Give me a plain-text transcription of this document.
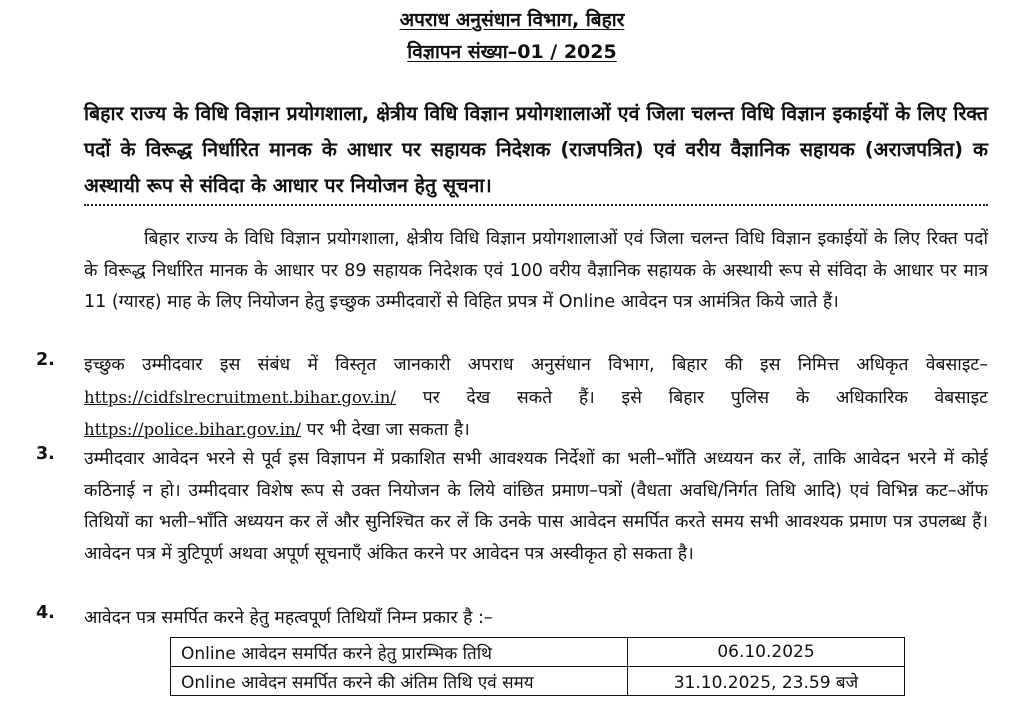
अपराध अनुसंधान विभाग, बिहार
विज्ञापन संख्या–01 / 2025
बिहार राज्य के विधि विज्ञान प्रयोगशाला, क्षेत्रीय विधि विज्ञान प्रयोगशालाओं एवं जिला चलन्त विधि विज्ञान इकाईयों के लिए रिक्त पदों के विरूद्ध निर्धारित मानक के आधार पर सहायक निदेशक (राजपत्रित) एवं वरीय वैज्ञानिक सहायक (अराजपत्रित) क अस्थायी रूप से संविदा के आधार पर नियोजन हेतु सूचना।
बिहार राज्य के विधि विज्ञान प्रयोगशाला, क्षेत्रीय विधि विज्ञान प्रयोगशालाओं एवं जिला चलन्त विधि विज्ञान इकाईयों के लिए रिक्त पदों के विरूद्ध निर्धारित मानक के आधार पर 89 सहायक निदेशक एवं 100 वरीय वैज्ञानिक सहायक के अस्थायी रूप से संविदा के आधार पर मात्र 11 (ग्यारह) माह के लिए नियोजन हेतु इच्छुक उम्मीदवारों से विहित प्रपत्र में Online आवेदन पत्र आमंत्रित किये जाते हैं।
2. इच्छुक उम्मीदवार इस संबंध में विस्तृत जानकारी अपराध अनुसंधान विभाग, बिहार की इस निमित्त अधिकृत वेबसाइट– https://cidfslrecruitment.bihar.gov.in/ पर देख सकते हैं। इसे बिहार पुलिस के अधिकारिक वेबसाइट https://police.bihar.gov.in/ पर भी देखा जा सकता है।
3. उम्मीदवार आवेदन भरने से पूर्व इस विज्ञापन में प्रकाशित सभी आवश्यक निर्देशों का भली–भाँति अध्ययन कर लें, ताकि आवेदन भरने में कोई कठिनाई न हो। उम्मीदवार विशेष रूप से उक्त नियोजन के लिये वांछित प्रमाण–पत्रों (वैधता अवधि/निर्गत तिथि आदि) एवं विभिन्न कट–ऑफ तिथियों का भली–भाँति अध्ययन कर लें और सुनिश्चित कर लें कि उनके पास आवेदन समर्पित करते समय सभी आवश्यक प्रमाण पत्र उपलब्ध हैं। आवेदन पत्र में त्रुटिपूर्ण अथवा अपूर्ण सूचनाएँ अंकित करने पर आवेदन पत्र अस्वीकृत हो सकता है।
4. आवेदन पत्र समर्पित करने हेतु महत्वपूर्ण तिथियाँ निम्न प्रकार है :–
Online आवेदन समर्पित करने हेतु प्रारम्भिक तिथि	06.10.2025
Online आवेदन समर्पित करने की अंतिम तिथि एवं समय	31.10.2025, 23.59 बजे
